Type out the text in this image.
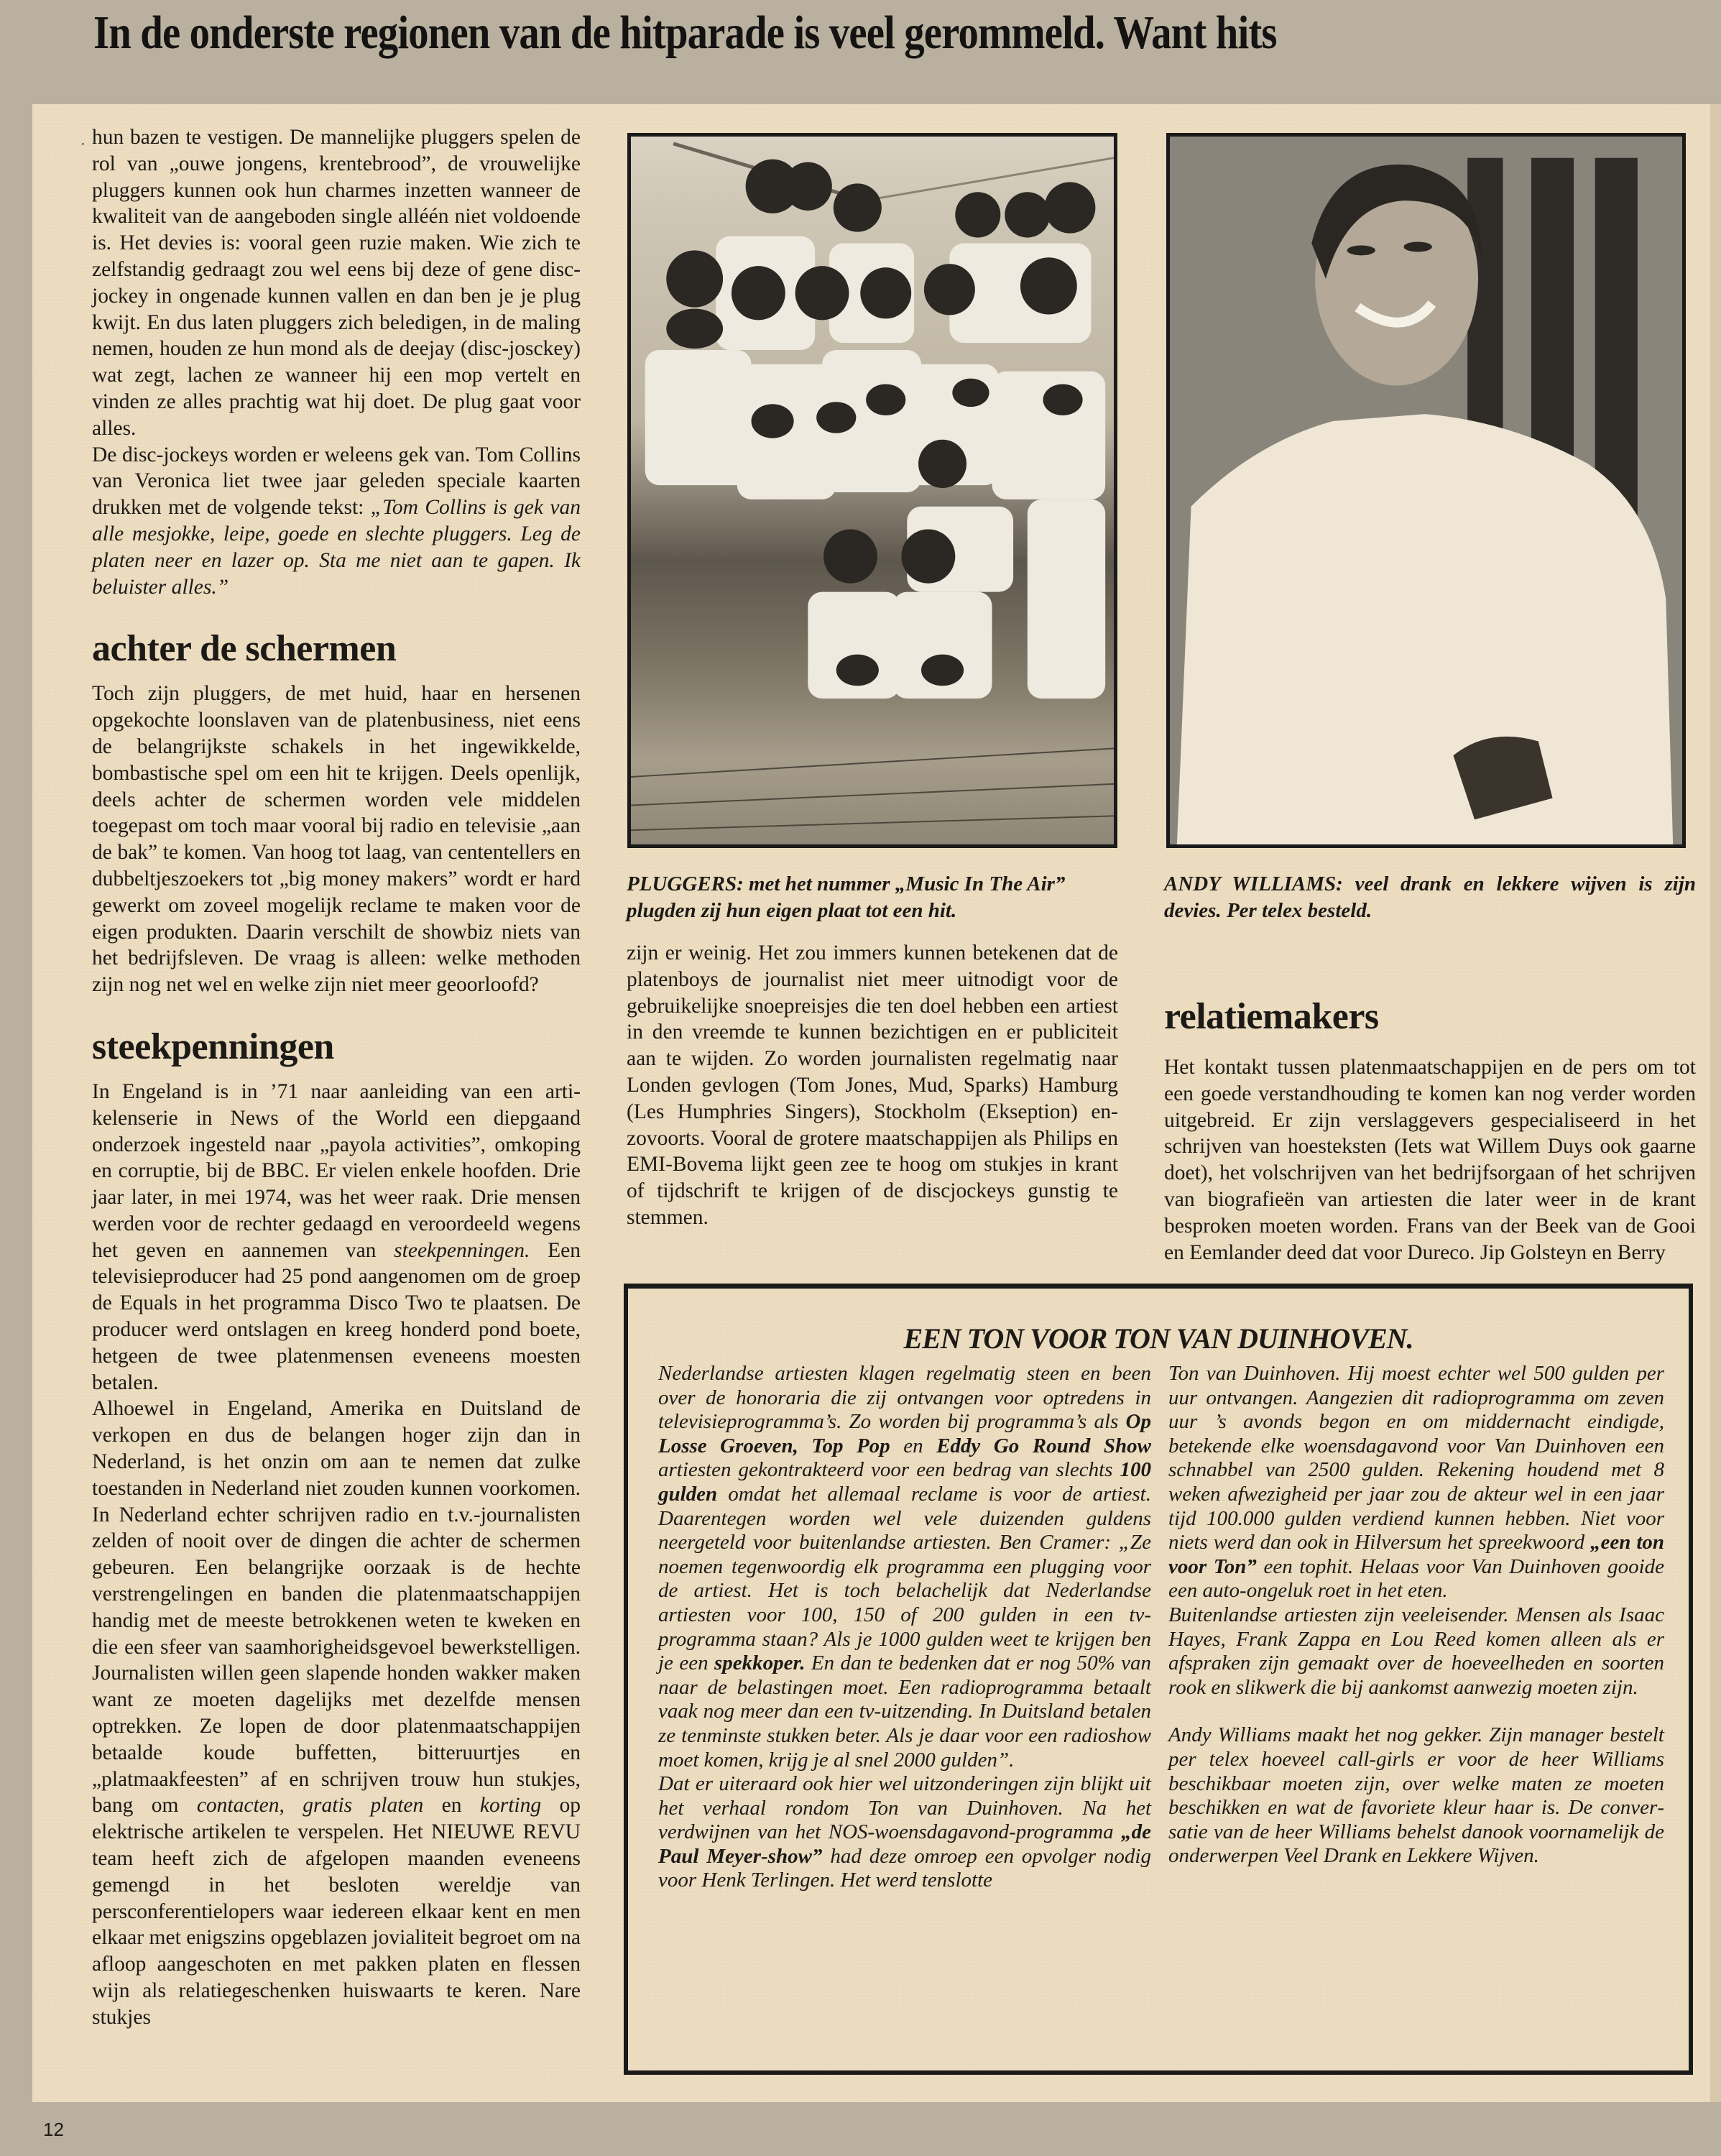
In de onderste regionen van de hitparade is veel gerommeld. Want hits
· hun bazen te vestigen. De mannelijke pluggers spelen de rol van „ouwe jongens, krentebrood”, de vrouwelijke pluggers kunnen ook hun charmes inzetten wanneer de kwaliteit van de aangeboden single alléén niet voldoende is. Het devies is: vooral geen ruzie maken. Wie zich te zelfstandig gedraagt zou wel eens bij deze of gene disc-jockey in ongenade kunnen vallen en dan ben je je plug kwijt. En dus laten pluggers zich beledigen, in de maling nemen, houden ze hun mond als de deejay (disc-josckey) wat zegt, lachen ze wanneer hij een mop vertelt en vinden ze alles prachtig wat hij doet. De plug gaat voor alles.

De disc-jockeys worden er weleens gek van. Tom Collins van Veronica liet twee jaar geleden speciale kaarten drukken met de volgende tekst: „Tom Collins is gek van alle mesjokke, leipe, goede en slechte pluggers. Leg de platen neer en lazer op. Sta me niet aan te gapen. Ik beluister alles.”

achter de schermen

Toch zijn pluggers, de met huid, haar en hersenen opgekochte loonslaven van de platenbusiness, niet eens de belangrijkste schakels in het ingewikkelde, bombastische spel om een hit te krijgen. Deels openlijk, deels achter de schermen worden vele middelen toegepast om toch maar vooral bij radio en televisie „aan de bak” te komen. Van hoog tot laag, van cententellers en dubbeltjeszoekers tot „big money makers” wordt er hard gewerkt om zoveel mogelijk reclame te maken voor de eigen produkten. Daarin verschilt de showbiz niets van het bedrijfsleven. De vraag is alleen: welke methoden zijn nog net wel en welke zijn niet meer geoorloofd?

steekpenningen

In Engeland is in ’71 naar aanleiding van een artikelenserie in News of the World een diepgaand onderzoek ingesteld naar „payola activities”, omkoping en corruptie, bij de BBC. Er vielen enkele hoofden. Drie jaar later, in mei 1974, was het weer raak. Drie mensen werden voor de rechter gedaagd en veroordeeld wegens het geven en aannemen van steekpenningen. Een televisieproducer had 25 pond aangenomen om de groep de Equals in het programma Disco Two te plaatsen. De producer werd ontslagen en kreeg honderd pond boete, hetgeen de twee platenmensen eveneens moesten betalen.

Alhoewel in Engeland, Amerika en Duitsland de verkopen en dus de belangen hoger zijn dan in Nederland, is het onzin om aan te nemen dat zulke toestanden in Nederland niet zouden kunnen voorkomen. In Nederland echter schrijven radio en t.v.-journalisten zelden of nooit over de dingen die achter de schermen gebeuren. Een belangrijke oorzaak is de hechte verstrengelingen en banden die platenmaatschappijen handig met de meeste betrokkenen weten te kweken en die een sfeer van saamhorigheidsgevoel bewerkstelligen. Journalisten willen geen slapende honden wakker maken want ze moeten dagelijks met dezelfde mensen optrekken. Ze lopen de door platenmaatschappijen betaalde koude buffetten, bitteruurtjes en „platmaakfeesten” af en schrijven trouw hun stukjes, bang om contacten, gratis platen en korting op elektrische artikelen te verspelen. Het NIEUWE REVU team heeft zich de afgelopen maanden eveneens gemengd in het besloten wereldje van persconferentielopers waar iedereen elkaar kent en men elkaar met enigszins opgeblazen jovialiteit begroet om na afloop aangeschoten en met pakken platen en flessen wijn als relatiegeschenken huiswaarts te keren. Nare stukjes

PLUGGERS: met het nummer „Music In The Air” plugden zij hun eigen plaat tot een hit.
ANDY WILLIAMS: veel drank en lekkere wijven is zijn devies. Per telex besteld.

zijn er weinig. Het zou immers kunnen betekenen dat de platenboys de journalist niet meer uitnodigt voor de gebruikelijke snoepreisjes die ten doel hebben een artiest in den vreemde te kunnen bezichtigen en er publiciteit aan te wijden. Zo worden journalisten regelmatig naar Londen gevlogen (Tom Jones, Mud, Sparks) Hamburg (Les Humphries Singers), Stockholm (Ekseption) enzovoorts. Vooral de grotere maatschappijen als Philips en EMI-Bovema lijkt geen zee te hoog om stukjes in krant of tijdschrift te krijgen of de discjockeys gunstig te stemmen.

relatiemakers

Het kontakt tussen platenmaatschappijen en de pers om tot een goede verstandhouding te komen kan nog verder worden uitgebreid. Er zijn verslaggevers gespecialiseerd in het schrijven van hoesteksten (Iets wat Willem Duys ook gaarne doet), het volschrijven van het bedrijfsorgaan of het schrijven van biografieën van artiesten die later weer in de krant besproken moeten worden. Frans van der Beek van de Gooi en Eemlander deed dat voor Dureco. Jip Golsteyn en Berry

EEN TON VOOR TON VAN DUINHOVEN.

Nederlandse artiesten klagen regelmatig steen en been over de honoraria die zij ontvangen voor optredens in televisieprogramma’s. Zo worden bij programma’s als Op Losse Groeven, Top Pop en Eddy Go Round Show artiesten gekontrakteerd voor een bedrag van slechts 100 gulden omdat het allemaal reclame is voor de artiest. Daarentegen worden wel vele duizenden guldens neergeteld voor buitenlandse artiesten. Ben Cramer: „Ze noemen tegenwoordig elk programma een plugging voor de artiest. Het is toch belachelijk dat Nederlandse artiesten voor 100, 150 of 200 gulden in een tv-programma staan? Als je 1000 gulden weet te krijgen ben je een spekkoper. En dan te bedenken dat er nog 50% van naar de belastingen moet. Een radioprogramma betaalt vaak nog meer dan een tv-uitzending. In Duitsland betalen ze tenminste stukken beter. Als je daar voor een radioshow moet komen, krijg je al snel 2000 gulden”.

Dat er uiteraard ook hier wel uitzonderingen zijn blijkt uit het verhaal rondom Ton van Duinhoven. Na het verdwijnen van het NOS-woensdagavond-programma „de Paul Meyer-show” had deze omroep een opvolger nodig voor Henk Terlingen. Het werd tenslotte

Ton van Duinhoven. Hij moest echter wel 500 gulden per uur ontvangen. Aangezien dit radioprogramma om zeven uur ’s avonds begon en om middernacht eindigde, betekende elke woensdagavond voor Van Duinhoven een schnabbel van 2500 gulden. Rekening houdend met 8 weken afwezigheid per jaar zou de akteur wel in een jaar tijd 100.000 gulden verdiend kunnen hebben. Niet voor niets werd dan ook in Hilversum het spreekwoord „een ton voor Ton” een tophit. Helaas voor Van Duinhoven gooide een auto-ongeluk roet in het eten.

Buitenlandse artiesten zijn veeleisender. Mensen als Isaac Hayes, Frank Zappa en Lou Reed komen alleen als er afspraken zijn gemaakt over de hoeveelheden en soorten rook en slikwerk die bij aankomst aanwezig moeten zijn.

Andy Williams maakt het nog gekker. Zijn manager bestelt per telex hoeveel call-girls er voor de heer Williams beschikbaar moeten zijn, over welke maten ze moeten beschikken en wat de favoriete kleur haar is. De conversatie van de heer Williams behelst danook voornamelijk de onderwerpen Veel Drank en Lekkere Wijven.

12
